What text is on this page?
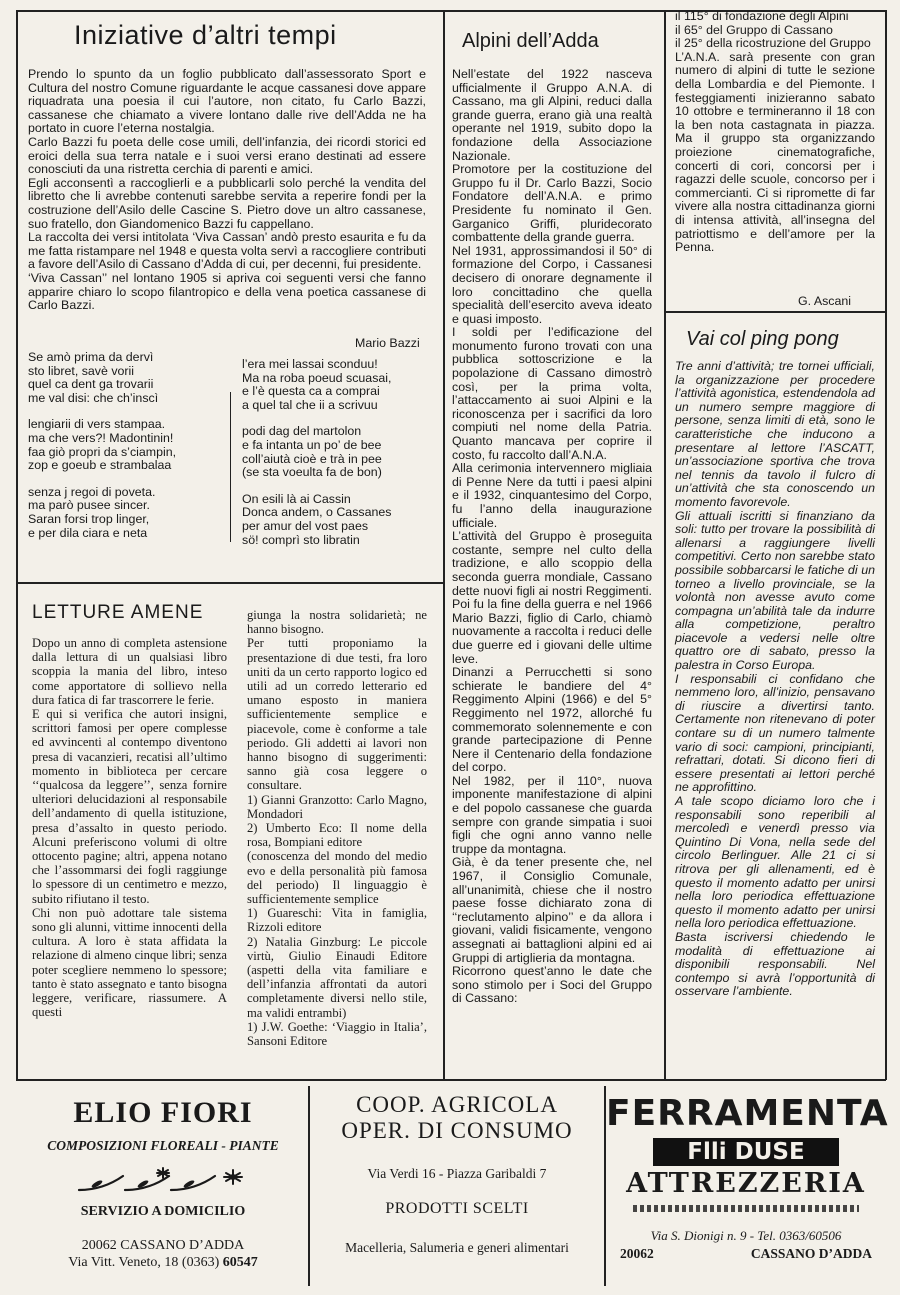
Iniziative d’altri tempi

Prendo lo spunto da un foglio pubblicato dall’assessorato Sport e Cultura del nostro Comune riguardante le acque cassanesi dove appare riquadrata una poesia il cui l’autore, non citato, fu Carlo Bazzi, cassanese che chiamato a vivere lontano dalle rive dell’Adda ne ha portato in cuore l’eterna nostalgia.

Carlo Bazzi fu poeta delle cose umili, dell’infanzia, dei ricordi storici ed eroici della sua terra natale e i suoi versi erano destinati ad essere conosciuti da una ristretta cerchia di parenti e amici.

Egli acconsentì a raccoglierli e a pubblicarli solo perché la vendita del libretto che li avrebbe contenuti sarebbe servita a reperire fondi per la costruzione dell’Asilo delle Cascine S. Pietro dove un altro cassanese, suo fratello, don Giandomenico Bazzi fu cappellano.

La raccolta dei versi intitolata ‘Viva Cassan’ andò presto esaurita e fu da me fatta ristampare nel 1948 e questa volta servì a raccogliere contributi a favore dell’Asilo di Cassano d’Adda di cui, per decenni, fui presidente.

‘Viva Cassan’’ nel lontano 1905 si apriva coi seguenti versi che fanno apparire chiaro lo scopo filantropico e della vena poetica cassanese di Carlo Bazzi.

Mario Bazzi

Se amò prima da dervì
sto libret, savè vorii
quel ca dent ga trovarii
me val disi: che ch’inscì

lengiarii di vers stampaa.
ma che vers?! Madontinin!
faa giò propri da s’ciampin,
zop e goeub e strambalaa

senza j regoi di poveta.
ma parò pusee sincer.
Saran forsi trop linger,
e per dila ciara e neta

l’era mei lassai sconduu!
Ma na roba poeud scuasai,
e l’è questa ca a comprai
a quel tal che ii a scrivuu

podi dag del martolon
e fa intanta un po’ de bee
coll’aiutà cioè e trà in pee
(se sta voeulta fa de bon)

On esili là ai Cassin
Donca andem, o Cassanes
per amur del vost paes
sö! comprì sto libratin

LETTURE AMENE

Dopo un anno di completa astensione dalla lettura di un qualsiasi libro scoppia la mania del libro, inteso come apportatore di sollievo nella dura fatica di far trascorrere le ferie.

E qui si verifica che autori insigni, scrittori famosi per opere complesse ed avvincenti al contempo diventono presa di vacanzieri, recatisi all’ultimo momento in biblioteca per cercare ‘‘qualcosa da leggere’’, senza fornire ulteriori delucidazioni al responsabile dell’andamento di quella istituzione, presa d’assalto in questo periodo. Alcuni preferiscono volumi di oltre ottocento pagine; altri, appena notano che l’assommarsi dei fogli raggiunge lo spessore di un centimetro e mezzo, subito rifiutano il testo.

Chi non può adottare tale sistema sono gli alunni, vittime innocenti della cultura. A loro è stata affidata la relazione di almeno cinque libri; senza poter scegliere nemmeno lo spessore; tanto è stato assegnato e tanto bisogna leggere, verificare, riassumere. A questi

giunga la nostra solidarietà; ne hanno bisogno.

Per tutti proponiamo la presentazione di due testi, fra loro uniti da un certo rapporto logico ed utili ad un corredo letterario ed umano esposto in maniera sufficientemente semplice e piacevole, come è conforme a tale periodo. Gli addetti ai lavori non hanno bisogno di suggerimenti: sanno già cosa leggere o consultare.

1) Gianni Granzotto: Carlo Magno, Mondadori

2) Umberto Eco: Il nome della rosa, Bompiani editore

(conoscenza del mondo del medio evo e della personalità più famosa del periodo) Il linguaggio è sufficientemente semplice

1) Guareschi: Vita in famiglia, Rizzoli editore

2) Natalia Ginzburg: Le piccole virtù, Giulio Einaudi Editore (aspetti della vita familiare e dell’infanzia affrontati da autori completamente diversi nello stile, ma validi entrambi)

1) J.W. Goethe: ‘Viaggio in Italia’, Sansoni Editore

Alpini dell’Adda

Nell’estate del 1922 nasceva ufficialmente il Gruppo A.N.A. di Cassano, ma gli Alpini, reduci dalla grande guerra, erano già una realtà operante nel 1919, subito dopo la fondazione della Associazione Nazionale.

Promotore per la costituzione del Gruppo fu il Dr. Carlo Bazzi, Socio Fondatore dell’A.N.A. e primo Presidente fu nominato il Gen. Garganico Griffi, pluridecorato combattente della grande guerra.

Nel 1931, approssimandosi il 50° di formazione del Corpo, i Cassanesi decisero di onorare degnamente il loro concittadino che quella specialità dell’esercito aveva ideato e quasi imposto.

I soldi per l’edificazione del monumento furono trovati con una pubblica sottoscrizione e la popolazione di Cassano dimostrò così, per la prima volta, l’attaccamento ai suoi Alpini e la riconoscenza per i sacrifici da loro compiuti nel nome della Patria. Quanto mancava per coprire il costo, fu raccolto dall’A.N.A.

Alla cerimonia intervennero migliaia di Penne Nere da tutti i paesi alpini e il 1932, cinquantesimo del Corpo, fu l’anno della inaugurazione ufficiale.

L’attività del Gruppo è proseguita costante, sempre nel culto della tradizione, e allo scoppio della seconda guerra mondiale, Cassano dette nuovi figli ai nostri Reggimenti. Poi fu la fine della guerra e nel 1966 Mario Bazzi, figlio di Carlo, chiamò nuovamente a raccolta i reduci delle due guerre ed i giovani delle ultime leve.

Dinanzi a Perrucchetti si sono schierate le bandiere del 4° Reggimento Alpini (1966) e del 5° Reggimento nel 1972, allorché fu commemorato solennemente e con grande partecipazione di Penne Nere il Centenario della fondazione del corpo.

Nel 1982, per il 110°, nuova imponente manifestazione di alpini e del popolo cassanese che guarda sempre con grande simpatia i suoi figli che ogni anno vanno nelle truppe da montagna.

Già, è da tener presente che, nel 1967, il Consiglio Comunale, all’unanimità, chiese che il nostro paese fosse dichiarato zona di ‘‘reclutamento alpino’’ e da allora i giovani, validi fisicamente, vengono assegnati ai battaglioni alpini ed ai Gruppi di artiglieria da montagna.

Ricorrono quest’anno le date che sono stimolo per i Soci del Gruppo di Cassano:

il 115° di fondazione degli Alpini

il 65° del Gruppo di Cassano

il 25° della ricostruzione del Gruppo

L’A.N.A. sarà presente con gran numero di alpini di tutte le sezione della Lombardia e del Piemonte. I festeggiamenti inizieranno sabato 10 ottobre e termineranno il 18 con la ben nota castagnata in piazza. Ma il gruppo sta organizzando proiezione cinematografiche, concerti di cori, concorsi per i ragazzi delle scuole, concorso per i commercianti. Ci si ripromette di far vivere alla nostra cittadinanza giorni di intensa attività, all’insegna del patriottismo e dell’amore per la Penna.

G. Ascani
Vai col ping pong

Tre anni d’attività; tre tornei ufficiali, la organizzazione per procedere l’attività agonistica, estendendola ad un numero sempre maggiore di persone, senza limiti di età, sono le caratteristiche che inducono a presentare al lettore l’ASCATT, un’associazione sportiva che trova nel tennis da tavolo il fulcro di un’attività che sta conoscendo un momento favorevole.

Gli attuali iscritti si finanziano da soli: tutto per trovare la possibilità di allenarsi a raggiungere livelli competitivi. Certo non sarebbe stato possibile sobbarcarsi le fatiche di un torneo a livello provinciale, se la volontà non avesse avuto come compagna un’abilità tale da indurre alla competizione, peraltro piacevole a vedersi nelle oltre quattro ore di sabato, presso la palestra in Corso Europa.

I responsabili ci confidano che nemmeno loro, all’inizio, pensavano di riuscire a divertirsi tanto. Certamente non ritenevano di poter contare su di un numero talmente vario di soci: campioni, principianti, refrattari, dotati. Si dicono fieri di essere presentati ai lettori perché ne approfittino.

A tale scopo diciamo loro che i responsabili sono reperibili al mercoledì e venerdì presso via Quintino Di Vona, nella sede del circolo Berlinguer. Alle 21 ci si ritrova per gli allenamenti, ed è questo il momento adatto per unirsi nella loro periodica effettuazione questo il momento adatto per unirsi nella loro periodica effettuazione.

Basta iscriversi chiedendo le modalità di effettuazione ai disponibili responsabili. Nel contempo si avrà l’opportunità di osservare l’ambiente.

ELIO FIORI
COMPOSIZIONI FLOREALI - PIANTE
SERVIZIO A DOMICILIO
20062 CASSANO D’ADDA
Via Vitt. Veneto, 18 (0363) 60547
COOP. AGRICOLA
OPER. DI CONSUMO
Via Verdi 16 - Piazza Garibaldi 7
PRODOTTI SCELTI
Macelleria, Salumeria e generi alimentari
FERRAMENTA
Flli DUSE
ATTREZZERIA
Via S. Dionigi n. 9 - Tel. 0363/60506
20062	CASSANO D’ADDA
